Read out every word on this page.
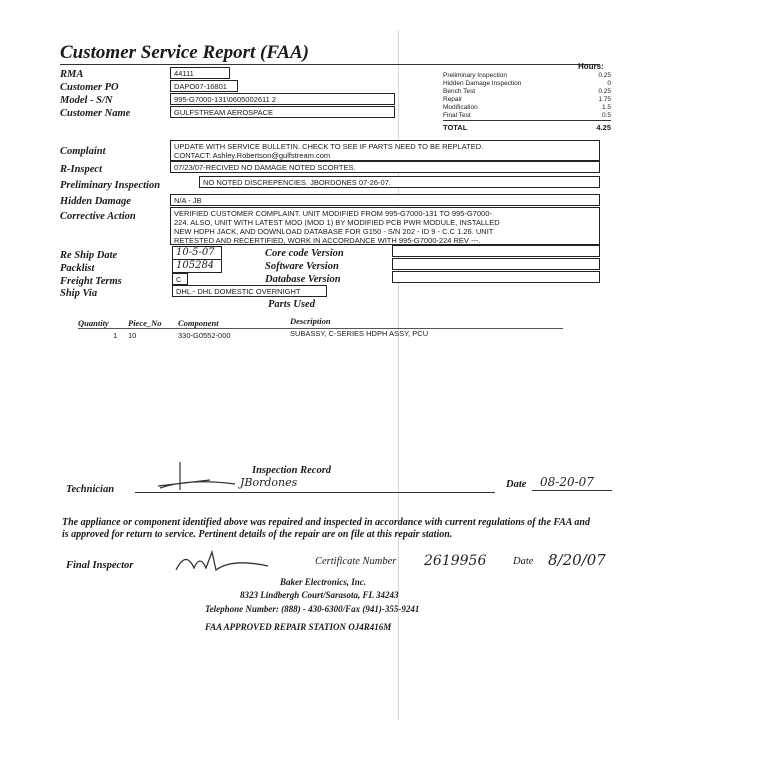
Customer Service Report (FAA)
RMA	44111
Customer PO	DAPO07-16801
Model - S/N	995-G7000-131\0605002611 2
Customer Name	GULFSTREAM AEROSPACE
Hours:
Preliminary Inspection	0.25
Hidden Damage Inspection	0
Bench Test	0.25
Repair	1.75
Modification	1.5
Final Test	0.5
TOTAL	4.25
Complaint	UPDATE WITH SERVICE BULLETIN. CHECK TO SEE IF PARTS NEED TO BE REPLATED.
CONTACT: Ashley.Robertson@gulfstream.com
R-Inspect	07/23/07-RECIVED NO DAMAGE NOTED SCORTES.
Preliminary Inspection	NO NOTED DISCREPENCIES. JBORDONES 07-26-07.
Hidden Damage	N/A - JB
Corrective Action	VERIFIED CUSTOMER COMPLAINT. UNIT MODIFIED FROM 995-G7000-131 TO 995-G7000-
224. ALSO, UNIT WITH LATEST MOD (MOD 1) BY MODIFIED PCB PWR MODULE, INSTALLED
NEW HDPH JACK, AND DOWNLOAD DATABASE FOR G150 - S/N 202 - ID 9 - C.C 1.26. UNIT
RETESTED AND RECERTIFIED, WORK IN ACCORDANCE WITH 995-G7000-224 REV ---.
Re Ship Date	10-5-07
Packlist	105284
Freight Terms	C
Ship Via	DHL - DHL DOMESTIC OVERNIGHT
Core code Version
Software Version
Database Version
Parts Used
Quantity Piece_No Component	Description
1 10	330-G0552-000	SUBASSY, C-SERIES HDPH ASSY, PCU
Inspection Record
Technician
JBordones	Date 08-20-07
The appliance or component identified above was repaired and inspected in accordance with current regulations of the FAA and is approved for return to service. Pertinent details of the repair are on file at this repair station.
Final Inspector	Certificate Number 2619956	Date 8/20/07
Baker Electronics, Inc.
8323 Lindbergh Court/Sarasota, FL 34243
Telephone Number: (888) - 430-6300/Fax (941)-355-9241
FAA APPROVED REPAIR STATION OJ4R416M
